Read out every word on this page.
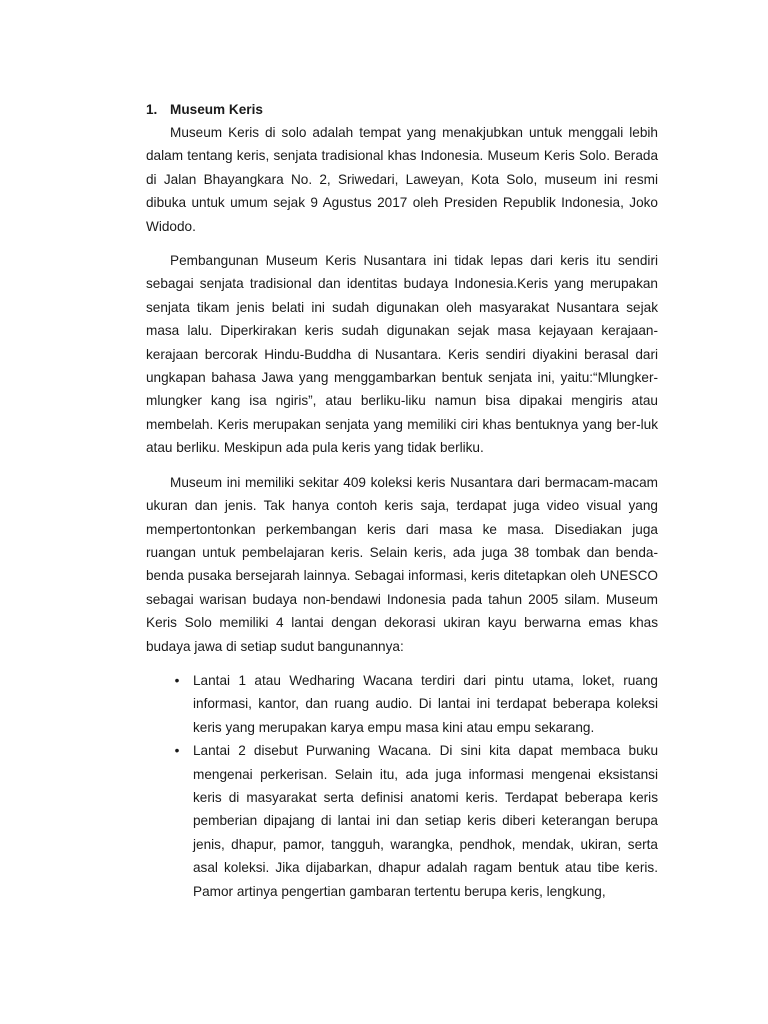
1. Museum Keris

Museum Keris di solo adalah tempat yang menakjubkan untuk menggali lebih dalam tentang keris, senjata tradisional khas Indonesia. Museum Keris Solo. Berada di Jalan Bhayangkara No. 2, Sriwedari, Laweyan, Kota Solo, museum ini resmi dibuka untuk umum sejak 9 Agustus 2017 oleh Presiden Republik Indonesia, Joko Widodo.

Pembangunan Museum Keris Nusantara ini tidak lepas dari keris itu sendiri sebagai senjata tradisional dan identitas budaya Indonesia.Keris yang merupakan senjata tikam jenis belati ini sudah digunakan oleh masyarakat Nusantara sejak masa lalu. Diperkirakan keris sudah digunakan sejak masa kejayaan kerajaan-kerajaan bercorak Hindu-Buddha di Nusantara. Keris sendiri diyakini berasal dari ungkapan bahasa Jawa yang menggambarkan bentuk senjata ini, yaitu:“Mlungker-mlungker kang isa ngiris”, atau berliku-liku namun bisa dipakai mengiris atau membelah. Keris merupakan senjata yang memiliki ciri khas bentuknya yang ber-luk atau berliku. Meskipun ada pula keris yang tidak berliku.

Museum ini memiliki sekitar 409 koleksi keris Nusantara dari bermacam-macam ukuran dan jenis. Tak hanya contoh keris saja, terdapat juga video visual yang mempertontonkan perkembangan keris dari masa ke masa. Disediakan juga ruangan untuk pembelajaran keris. Selain keris, ada juga 38 tombak dan benda-benda pusaka bersejarah lainnya. Sebagai informasi, keris ditetapkan oleh UNESCO sebagai warisan budaya non-bendawi Indonesia pada tahun 2005 silam. Museum Keris Solo memiliki 4 lantai dengan dekorasi ukiran kayu berwarna emas khas budaya jawa di setiap sudut bangunannya:

• Lantai 1 atau Wedharing Wacana terdiri dari pintu utama, loket, ruang informasi, kantor, dan ruang audio. Di lantai ini terdapat beberapa koleksi keris yang merupakan karya empu masa kini atau empu sekarang.
• Lantai 2 disebut Purwaning Wacana. Di sini kita dapat membaca buku mengenai perkerisan. Selain itu, ada juga informasi mengenai eksistansi keris di masyarakat serta definisi anatomi keris. Terdapat beberapa keris pemberian dipajang di lantai ini dan setiap keris diberi keterangan berupa jenis, dhapur, pamor, tangguh, warangka, pendhok, mendak, ukiran, serta asal koleksi. Jika dijabarkan, dhapur adalah ragam bentuk atau tibe keris. Pamor artinya pengertian gambaran tertentu berupa keris, lengkung,
